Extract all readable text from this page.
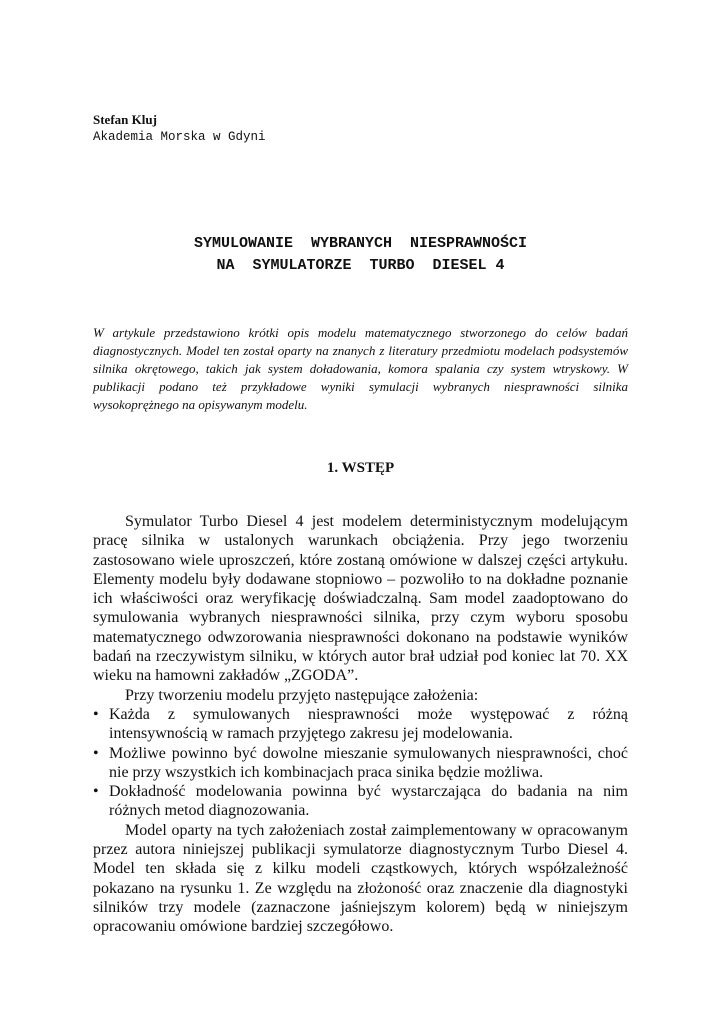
Stefan Kluj
Akademia Morska w Gdyni
SYMULOWANIE  WYBRANYCH  NIESPRAWNOŚCI
NA  SYMULATORZE  TURBO  DIESEL 4
W artykule przedstawiono krótki opis modelu matematycznego stworzonego do celów badań diagnostycznych. Model ten został oparty na znanych z literatury przedmiotu modelach podsystemów silnika okrętowego, takich jak system doładowania, komora spalania czy system wtryskowy. W publikacji podano też przykładowe wyniki symulacji wybranych niesprawności silnika wysokoprężnego na opisywanym modelu.
1. WSTĘP

Symulator Turbo Diesel 4 jest modelem deterministycznym modelującym pracę silnika w ustalonych warunkach obciążenia. Przy jego tworzeniu zastosowano wiele uproszczeń, które zostaną omówione w dalszej części artykułu. Elementy modelu były dodawane stopniowo – pozwoliło to na dokładne poznanie ich właściwości oraz weryfikację doświadczalną. Sam model zaadoptowano do symulowania wybranych niesprawności silnika, przy czym wyboru sposobu matematycznego odwzorowania niesprawności dokonano na podstawie wyników badań na rzeczywistym silniku, w których autor brał udział pod koniec lat 70. XX wieku na hamowni zakładów „ZGODA”.

Przy tworzeniu modelu przyjęto następujące założenia:

• Każda z symulowanych niesprawności może występować z różną intensywnością w ramach przyjętego zakresu jej modelowania.
• Możliwe powinno być dowolne mieszanie symulowanych niesprawności, choć nie przy wszystkich ich kombinacjach praca sinika będzie możliwa.
• Dokładność modelowania powinna być wystarczająca do badania na nim różnych metod diagnozowania.

Model oparty na tych założeniach został zaimplementowany w opracowanym przez autora niniejszej publikacji symulatorze diagnostycznym Turbo Diesel 4. Model ten składa się z kilku modeli cząstkowych, których współzależność pokazano na rysunku 1. Ze względu na złożoność oraz znaczenie dla diagnostyki silników trzy modele (zaznaczone jaśniejszym kolorem) będą w niniejszym opracowaniu omówione bardziej szczegółowo.
